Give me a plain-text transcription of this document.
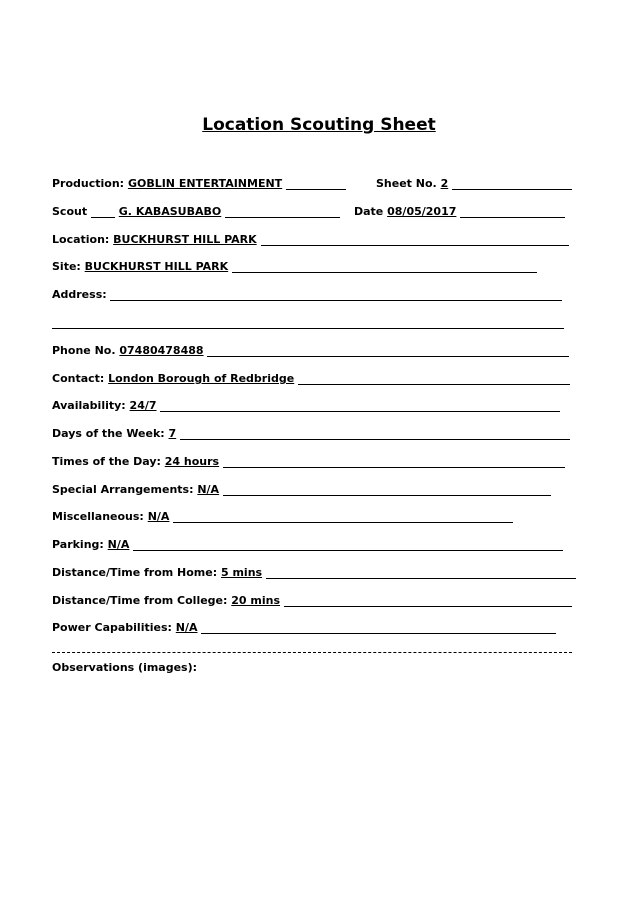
Location Scouting Sheet
Production: GOBLIN ENTERTAINMENT	Sheet No. 2
Scout	G. KABASUBABO	Date 08/05/2017
Location: BUCKHURST HILL PARK
Site: BUCKHURST HILL PARK
Address:
Phone No. 07480478488
Contact: London Borough of Redbridge
Availability: 24/7
Days of the Week: 7
Times of the Day: 24 hours
Special Arrangements: N/A
Miscellaneous: N/A
Parking: N/A
Distance/Time from Home: 5 mins
Distance/Time from College: 20 mins
Power Capabilities: N/A
Observations (images):
